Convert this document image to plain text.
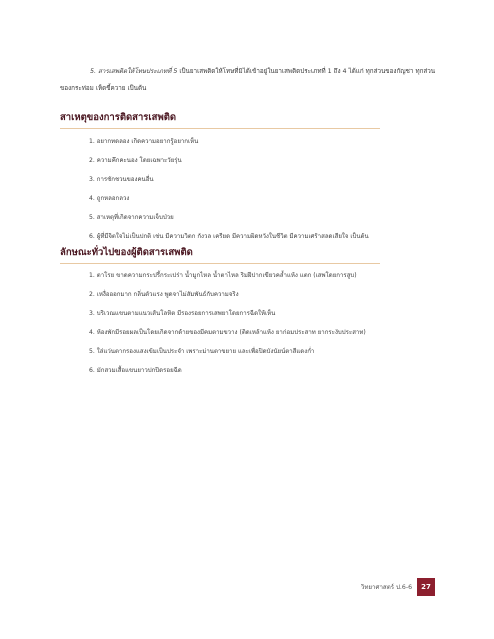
5. สารเสพติดให้โทษประเภทที่ 5 เป็นยาเสพติดให้โทษที่มิได้เข้าอยู่ในยาเสพติดประเภทที่ 1 ถึง 4 ได้แก่ ทุกส่วนของกัญชา ทุกส่วนของกระท่อม เห็ดขี้ควาย เป็นต้น
สาเหตุของการติดสารเสพติด
1. อยากทดลอง เกิดความอยากรู้อยากเห็น
2. ความคึกคะนอง โดยเฉพาะวัยรุ่น
3. การชักชวนของคนอื่น
4. ถูกหลอกลวง
5. สาเหตุที่เกิดจากความเจ็บป่วย
6. ผู้ที่มีจิตใจไม่เป็นปกติ เช่น มีความวิตก กังวล เครียด มีความผิดหวังในชีวิต มีความเศร้าสลดเสียใจ เป็นต้น
ลักษณะทั่วไปของผู้ติดสารเสพติด
1. ตาโรย ขาดความกระปรี้กระเปร่า น้ำมูกไหล น้ำตาไหล ริมฝีปากเขียวคล้ำแห้ง แตก (เสพโดยการสูบ)
2. เหงื่อออกมาก กลิ่นตัวแรง พูดจาไม่สัมพันธ์กับความจริง
3. บริเวณแขนตามแนวเส้นโลหิต มีรองรอยการเสพยาโดยการฉีดให้เห็น
4. ห้องพักมีรอยผลเป็นโดยเกิดจากด้ายของมีคมตามขวาง (ติดเหล้าแห้ง ยาก่อมประสาท ยากระงับประสาท)
5. ใส่แว่นตากรองแสงเข้มเป็นประจำ เพราะม่านตาขยาย และเพื่อปิดบังนัยน์ตาสีแดงก่ำ
6. มักสวมเสื้อแขนยาวปกปิดรอยฉีด
วิทยาศาสตร์ ป.6-6	27
